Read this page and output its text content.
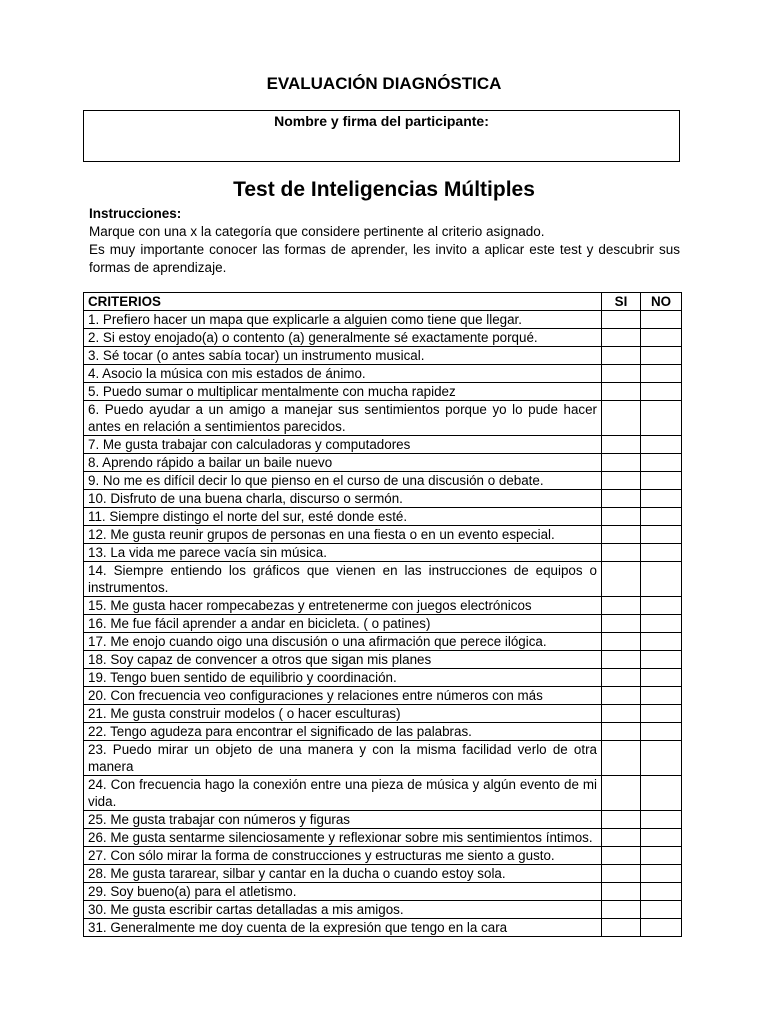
EVALUACIÓN DIAGNÓSTICA
Nombre y firma del participante:
Test de Inteligencias Múltiples
Instrucciones:
Marque con una x la categoría que considere pertinente al criterio asignado.
Es muy importante conocer las formas de aprender, les invito a aplicar este test y descubrir sus formas de aprendizaje.
CRITERIOS	SI	NO
1. Prefiero hacer un mapa que explicarle a alguien como tiene que llegar.		
2. Si estoy enojado(a) o contento (a) generalmente sé exactamente porqué.		
3. Sé tocar (o antes sabía tocar) un instrumento musical.		
4. Asocio la música con mis estados de ánimo.		
5. Puedo sumar o multiplicar mentalmente con mucha rapidez		
6. Puedo ayudar a un amigo a manejar sus sentimientos porque yo lo pude hacer antes en relación a sentimientos parecidos.		
7. Me gusta trabajar con calculadoras y computadores		
8. Aprendo rápido a bailar un baile nuevo		
9. No me es difícil decir lo que pienso en el curso de una discusión o debate.		
10. Disfruto de una buena charla, discurso o sermón.		
11. Siempre distingo el norte del sur, esté donde esté.		
12. Me gusta reunir grupos de personas en una fiesta o en un evento especial.		
13. La vida me parece vacía sin música.		
14. Siempre entiendo los gráficos que vienen en las instrucciones de equipos o instrumentos.		
15. Me gusta hacer rompecabezas y entretenerme con juegos electrónicos		
16. Me fue fácil aprender a andar en bicicleta. ( o patines)		
17. Me enojo cuando oigo una discusión o una afirmación que perece ilógica.		
18. Soy capaz de convencer a otros que sigan mis planes		
19. Tengo buen sentido de equilibrio y coordinación.		
20. Con frecuencia veo configuraciones y relaciones entre números con más		
21. Me gusta construir modelos ( o hacer esculturas)		
22. Tengo agudeza para encontrar el significado de las palabras.		
23. Puedo mirar un objeto de una manera y con la misma facilidad verlo de otra manera		
24. Con frecuencia hago la conexión entre una pieza de música y algún evento de mi vida.		
25. Me gusta trabajar con números y figuras		
26. Me gusta sentarme silenciosamente y reflexionar sobre mis sentimientos íntimos.		
27. Con sólo mirar la forma de construcciones y estructuras me siento a gusto.		
28. Me gusta tararear, silbar y cantar en la ducha o cuando estoy sola.		
29. Soy bueno(a) para el atletismo.		
30. Me gusta escribir cartas detalladas a mis amigos.		
31. Generalmente me doy cuenta de la expresión que tengo en la cara		
